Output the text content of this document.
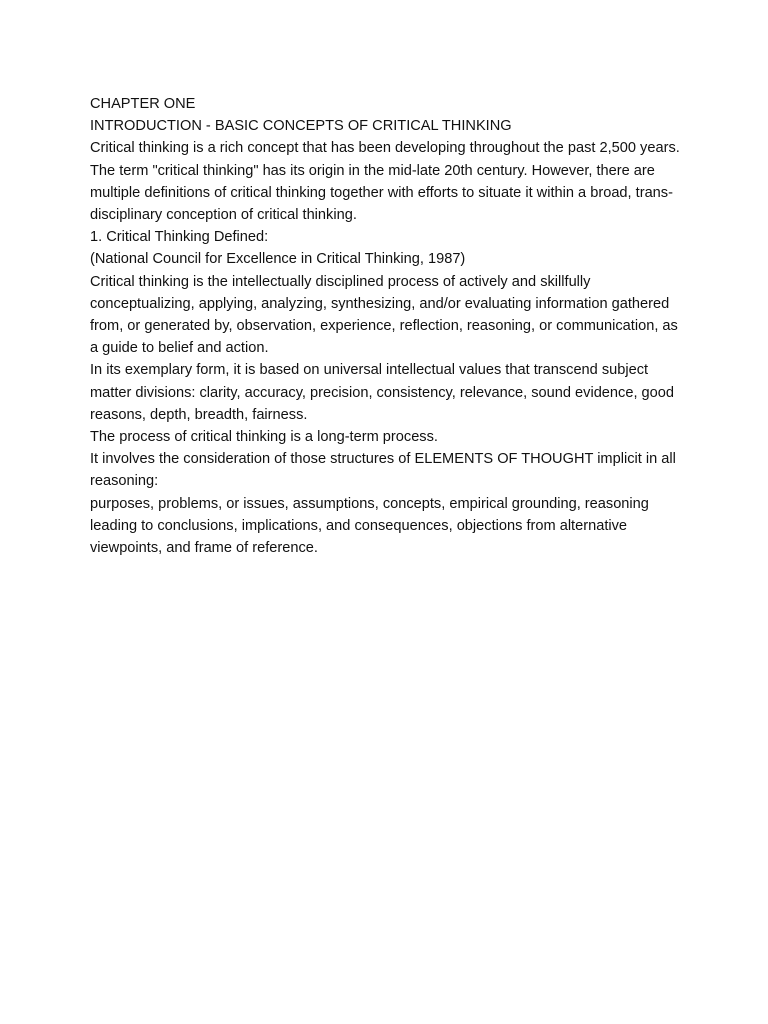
CHAPTER ONE

INTRODUCTION - BASIC CONCEPTS OF CRITICAL THINKING

Critical thinking is a rich concept that has been developing throughout the past 2,500 years. The term "critical thinking" has its origin in the mid-late 20th century. However, there are multiple definitions of critical thinking together with efforts to situate it within a broad, trans-disciplinary conception of critical thinking.

1. Critical Thinking Defined:

(National Council for Excellence in Critical Thinking, 1987)

Critical thinking is the intellectually disciplined process of actively and skillfully conceptualizing, applying, analyzing, synthesizing, and/or evaluating information gathered from, or generated by, observation, experience, reflection, reasoning, or communication, as a guide to belief and action.

In its exemplary form, it is based on universal intellectual values that transcend subject matter divisions: clarity, accuracy, precision, consistency, relevance, sound evidence, good reasons, depth, breadth, fairness.

The process of critical thinking is a long-term process.

It involves the consideration of those structures of ELEMENTS OF THOUGHT implicit in all reasoning:

purposes, problems, or issues, assumptions, concepts, empirical grounding, reasoning leading to conclusions, implications, and consequences, objections from alternative viewpoints, and frame of reference.
